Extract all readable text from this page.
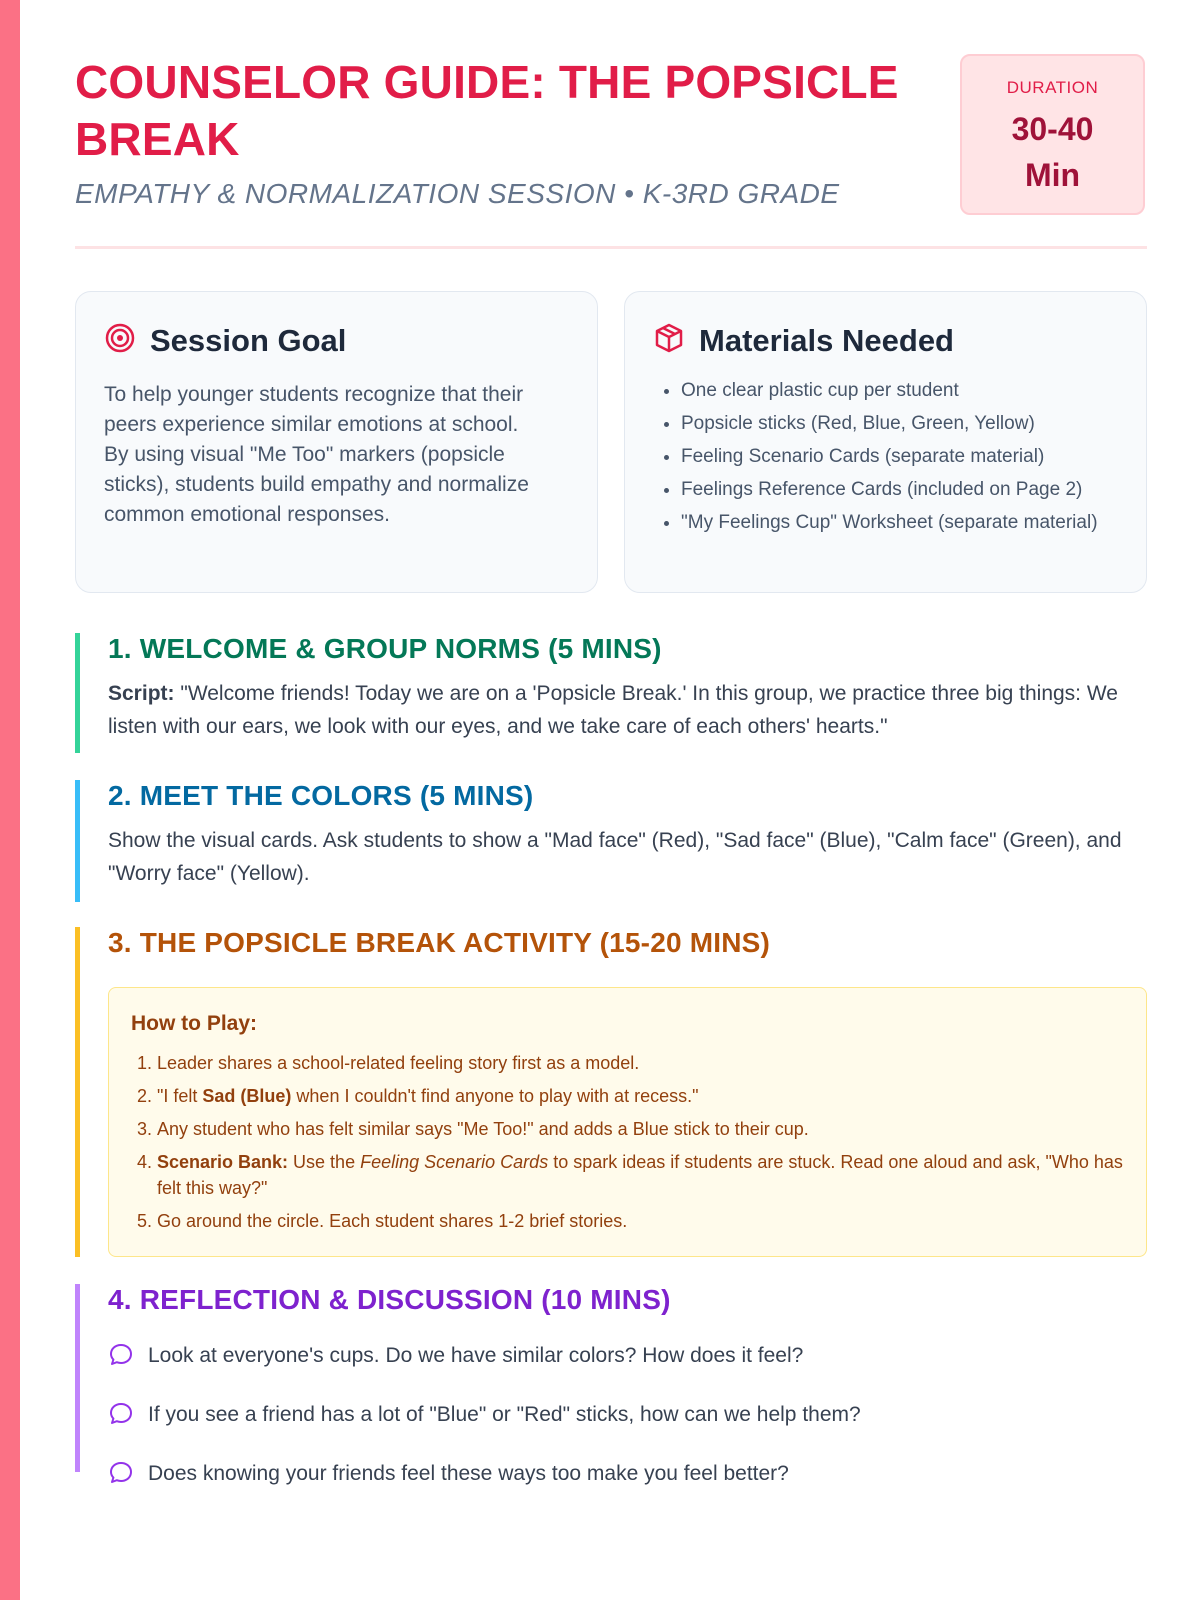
COUNSELOR GUIDE: THE POPSICLE BREAK

EMPATHY & NORMALIZATION SESSION • K-3RD GRADE

DURATION
30-40
Min
Session Goal

To help younger students recognize that their peers experience similar emotions at school. By using visual "Me Too" markers (popsicle sticks), students build empathy and normalize common emotional responses.

Materials Needed
• One clear plastic cup per student
• Popsicle sticks (Red, Blue, Green, Yellow)
• Feeling Scenario Cards (separate material)
• Feelings Reference Cards (included on Page 2)
• "My Feelings Cup" Worksheet (separate material)
1. WELCOME & GROUP NORMS (5 MINS)

Script: "Welcome friends! Today we are on a 'Popsicle Break.' In this group, we practice three big things: We listen with our ears, we look with our eyes, and we take care of each others' hearts."

2. MEET THE COLORS (5 MINS)

Show the visual cards. Ask students to show a "Mad face" (Red), "Sad face" (Blue), "Calm face" (Green), and "Worry face" (Yellow).

3. THE POPSICLE BREAK ACTIVITY (15-20 MINS)
How to Play:
1. Leader shares a school-related feeling story first as a model.
2. "I felt Sad (Blue) when I couldn't find anyone to play with at recess."
3. Any student who has felt similar says "Me Too!" and adds a Blue stick to their cup.
4. Scenario Bank: Use the Feeling Scenario Cards to spark ideas if students are stuck. Read one aloud and ask, "Who has felt this way?"
5. Go around the circle. Each student shares 1-2 brief stories.
4. REFLECTION & DISCUSSION (10 MINS)
Look at everyone's cups. Do we have similar colors? How does it feel?
If you see a friend has a lot of "Blue" or "Red" sticks, how can we help them?
Does knowing your friends feel these ways too make you feel better?
